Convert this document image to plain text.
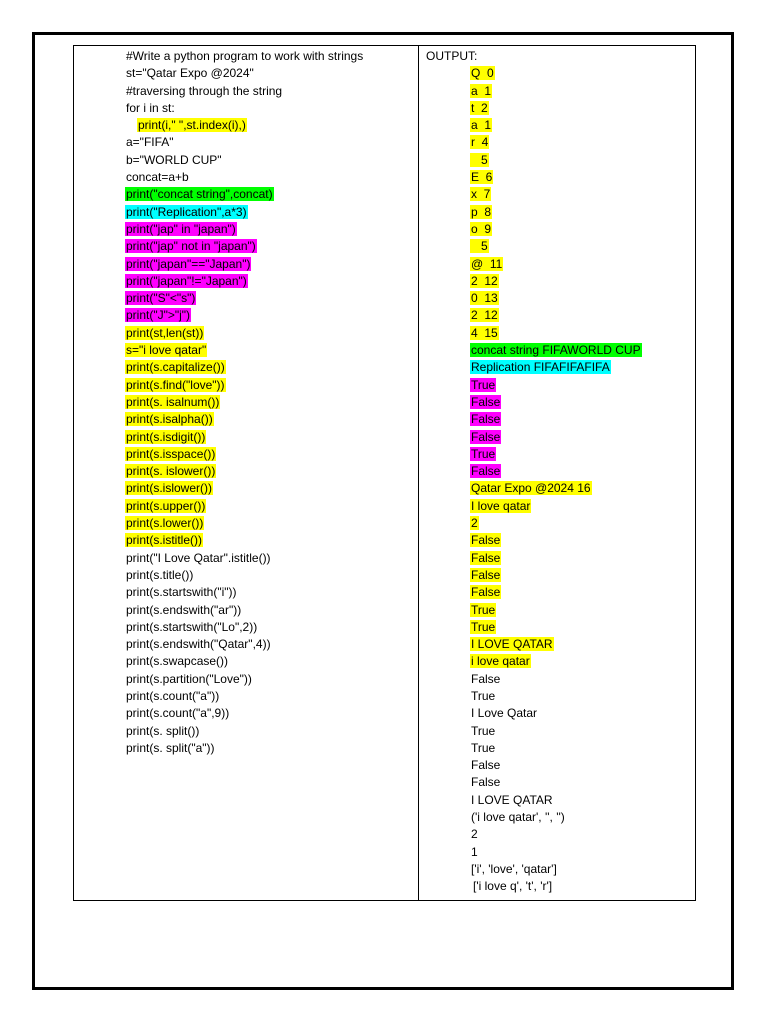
#Write a python program to work with strings
st="Qatar Expo @2024"
#traversing through the string
for i in st:
print(i," ",st.index(i),)
a="FIFA"
b="WORLD CUP"
concat=a+b
print("concat string",concat)
print("Replication",a*3)
print("jap" in "japan")
print("jap" not in "japan")
print("japan"=="Japan")
print("japan"!="Japan")
print("S"<"s")
print("J">"j")
print(st,len(st))
s="i love qatar"
print(s.capitalize())
print(s.find("love"))
print(s. isalnum())
print(s.isalpha())
print(s.isdigit())
print(s.isspace())
print(s. islower())
print(s.islower())
print(s.upper())
print(s.lower())
print(s.istitle())
print("I Love Qatar".istitle())
print(s.title())
print(s.startswith("i"))
print(s.endswith("ar"))
print(s.startswith("Lo",2))
print(s.endswith("Qatar",4))
print(s.swapcase())
print(s.partition("Love"))
print(s.count("a"))
print(s.count("a",9))
print(s. split())
print(s. split("a"))
OUTPUT:
Q  0
a  1
t  2
a  1
r  4
5
E  6
x  7
p  8
o  9
5
@  11
2  12
0  13
2  12
4  15
concat string FIFAWORLD CUP
Replication FIFAFIFAFIFA
True
False
False
False
True
False
Qatar Expo @2024 16
I love qatar
2
False
False
False
False
True
True
I LOVE QATAR
i love qatar
False
True
I Love Qatar
True
True
False
False
I LOVE QATAR
('i love qatar', '', '')
2
1
['i', 'love', 'qatar']
['i love q', 't', 'r']
